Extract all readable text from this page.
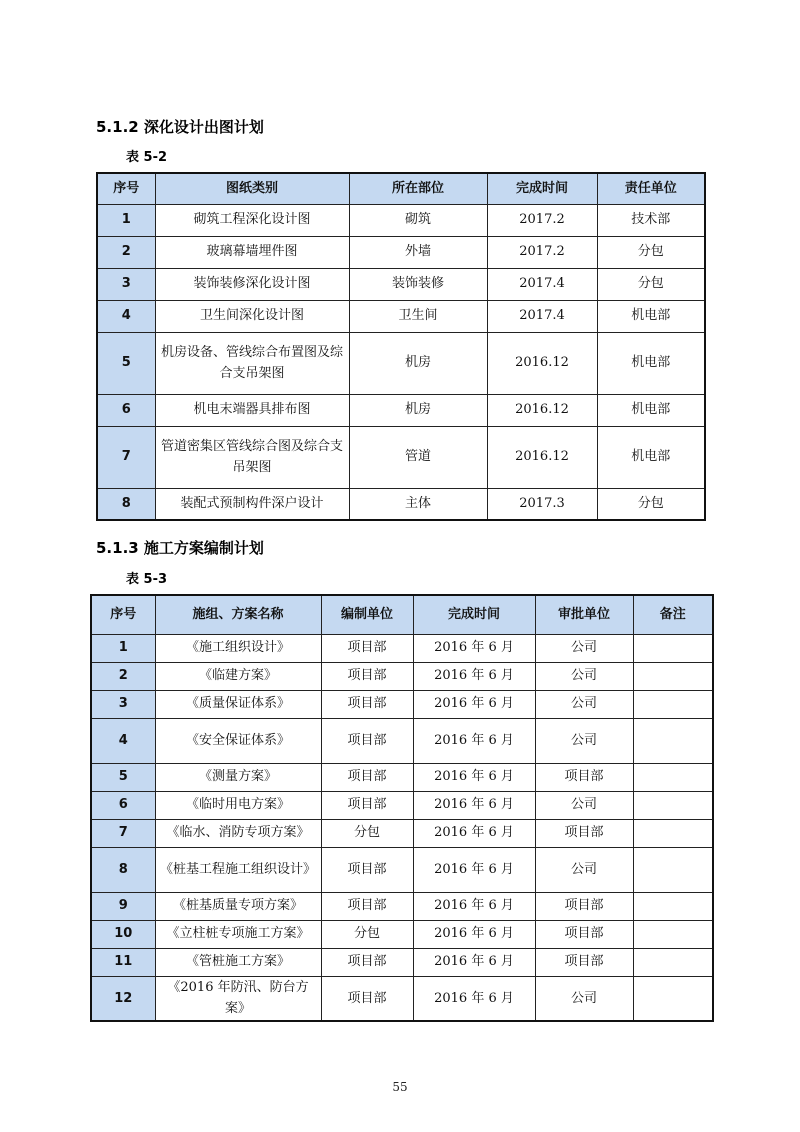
5.1.2 深化设计出图计划
表 5-2
序号	图纸类别	所在部位	完成时间	责任单位
1	砌筑工程深化设计图	砌筑	2017.2	技术部
2	玻璃幕墙埋件图	外墙	2017.2	分包
3	装饰装修深化设计图	装饰装修	2017.4	分包
4	卫生间深化设计图	卫生间	2017.4	机电部
5	机房设备、管线综合布置图及综合支吊架图	机房	2016.12	机电部
6	机电末端器具排布图	机房	2016.12	机电部
7	管道密集区管线综合图及综合支吊架图	管道	2016.12	机电部
8	装配式预制构件深户设计	主体	2017.3	分包
5.1.3 施工方案编制计划
表 5-3
序号	施组、方案名称	编制单位	完成时间	审批单位	备注
1	《施工组织设计》	项目部	2016 年 6 月	公司	
2	《临建方案》	项目部	2016 年 6 月	公司	
3	《质量保证体系》	项目部	2016 年 6 月	公司	
4	《安全保证体系》	项目部	2016 年 6 月	公司	
5	《测量方案》	项目部	2016 年 6 月	项目部	
6	《临时用电方案》	项目部	2016 年 6 月	公司	
7	《临水、消防专项方案》	分包	2016 年 6 月	项目部	
8	《桩基工程施工组织设计》	项目部	2016 年 6 月	公司	
9	《桩基质量专项方案》	项目部	2016 年 6 月	项目部	
10	《立柱桩专项施工方案》	分包	2016 年 6 月	项目部	
11	《管桩施工方案》	项目部	2016 年 6 月	项目部	
12	《2016 年防汛、防台方案》	项目部	2016 年 6 月	公司	
55
